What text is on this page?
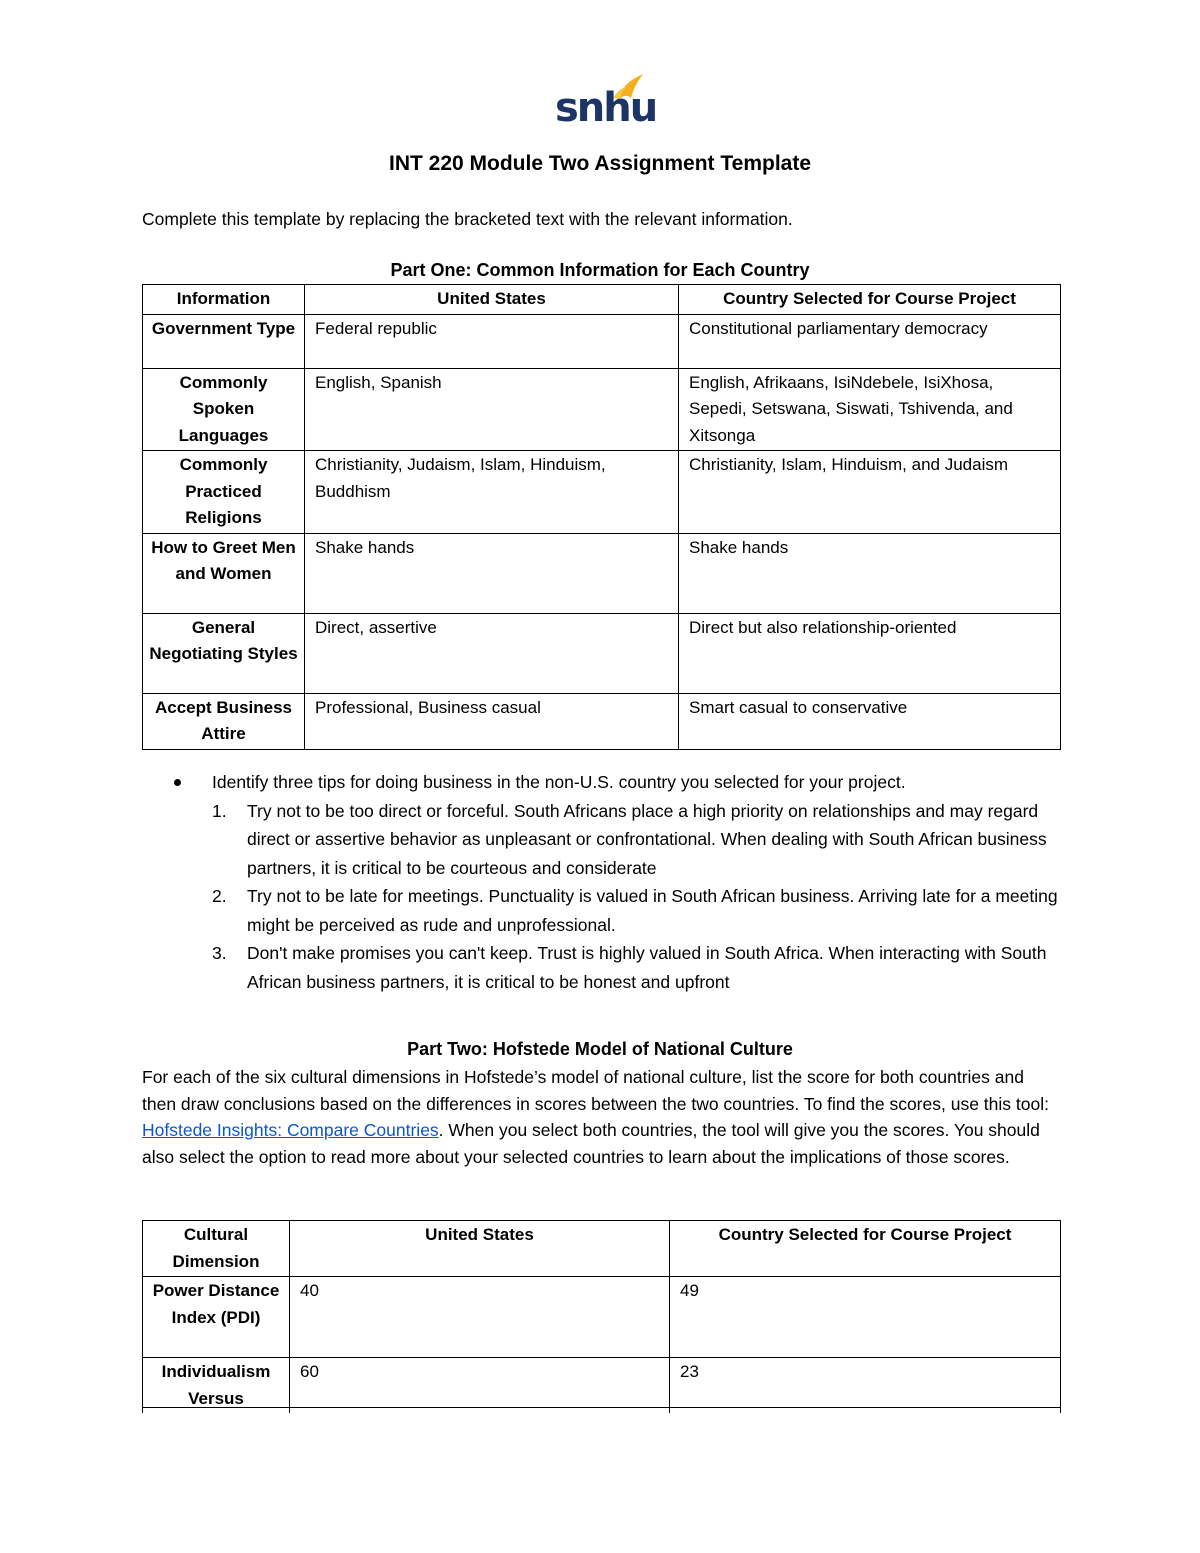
snhu
INT 220 Module Two Assignment Template
Complete this template by replacing the bracketed text with the relevant information.
Part One: Common Information for Each Country
Information	United States	Country Selected for Course Project
Government Type	Federal republic	Constitutional parliamentary democracy
Commonly Spoken Languages	English, Spanish	English, Afrikaans, IsiNdebele, IsiXhosa, Sepedi, Setswana, Siswati, Tshivenda, and Xitsonga
Commonly Practiced Religions	Christianity, Judaism, Islam, Hinduism, Buddhism	Christianity, Islam, Hinduism, and Judaism
How to Greet Men and Women	Shake hands	Shake hands
General Negotiating Styles	Direct, assertive	Direct but also relationship-oriented
Accept Business Attire	Professional, Business casual	Smart casual to conservative
Identify three tips for doing business in the non-U.S. country you selected for your project.
1. Try not to be too direct or forceful. South Africans place a high priority on relationships and may regard direct or assertive behavior as unpleasant or confrontational. When dealing with South African business partners, it is critical to be courteous and considerate
2. Try not to be late for meetings. Punctuality is valued in South African business. Arriving late for a meeting might be perceived as rude and unprofessional.
3. Don't make promises you can't keep. Trust is highly valued in South Africa. When interacting with South African business partners, it is critical to be honest and upfront
Part Two: Hofstede Model of National Culture
For each of the six cultural dimensions in Hofstede’s model of national culture, list the score for both countries and then draw conclusions based on the differences in scores between the two countries. To find the scores, use this tool: Hofstede Insights: Compare Countries. When you select both countries, the tool will give you the scores. You should also select the option to read more about your selected countries to learn about the implications of those scores.
Cultural Dimension	United States	Country Selected for Course Project
Power Distance Index (PDI)	40	49
Individualism Versus	60	23
